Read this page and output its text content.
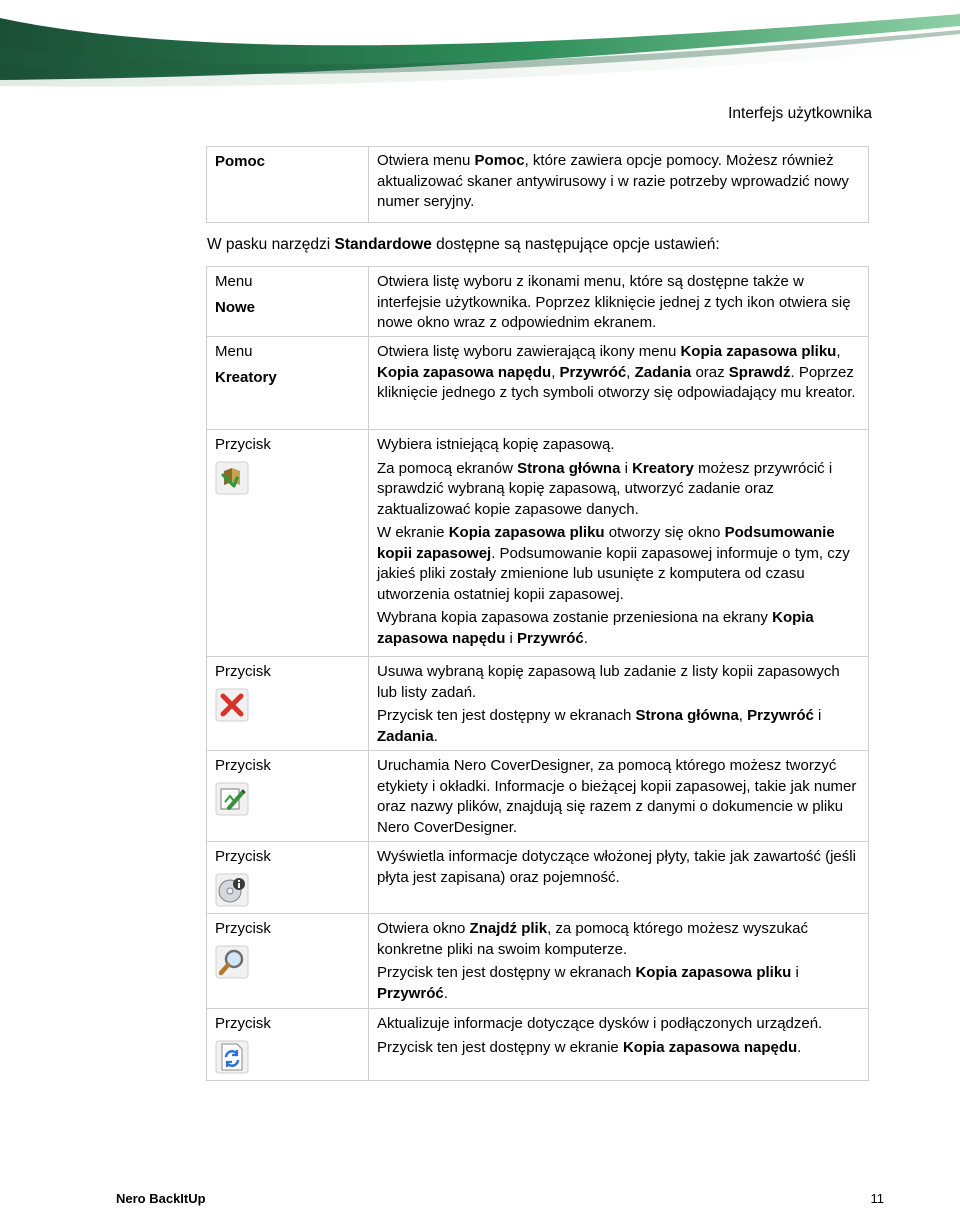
Interfejs użytkownika
Pomoc	Otwiera menu Pomoc, które zawiera opcje pomocy. Możesz również aktualizować skaner antywirusowy i w razie potrzeby wprowadzić nowy numer seryjny.

W pasku narzędzi Standardowe dostępne są następujące opcje ustawień:
Menu
Nowe	Otwiera listę wyboru z ikonami menu, które są dostępne także w interfejsie użytkownika. Poprzez kliknięcie jednej z tych ikon otwiera się nowe okno wraz z odpowiednim ekranem.

Menu
Kreatory	Otwiera listę wyboru zawierającą ikony menu Kopia zapasowa pliku, Kopia zapasowa napędu, Przywróć, Zadania oraz Sprawdź. Poprzez kliknięcie jednego z tych symboli otworzy się odpowiadający mu kreator.

Przycisk	Wybiera istniejącą kopię zapasową.

Za pomocą ekranów Strona główna i Kreatory możesz przywrócić i sprawdzić wybraną kopię zapasową, utworzyć zadanie oraz zaktualizować kopie zapasowe danych.

W ekranie Kopia zapasowa pliku otworzy się okno Podsumowanie kopii zapasowej. Podsumowanie kopii zapasowej informuje o tym, czy jakieś pliki zostały zmienione lub usunięte z komputera od czasu utworzenia ostatniej kopii zapasowej.

Wybrana kopia zapasowa zostanie przeniesiona na ekrany Kopia zapasowa napędu i Przywróć.

Przycisk	Usuwa wybraną kopię zapasową lub zadanie z listy kopii zapasowych lub listy zadań.

Przycisk ten jest dostępny w ekranach Strona główna, Przywróć i Zadania.

Przycisk	Uruchamia Nero CoverDesigner, za pomocą którego możesz tworzyć etykiety i okładki. Informacje o bieżącej kopii zapasowej, takie jak numer oraz nazwy plików, znajdują się razem z danymi o dokumencie w pliku Nero CoverDesigner.

Przycisk	Wyświetla informacje dotyczące włożonej płyty, takie jak zawartość (jeśli płyta jest zapisana) oraz pojemność.

Przycisk	Otwiera okno Znajdź plik, za pomocą którego możesz wyszukać konkretne pliki na swoim komputerze.

Przycisk ten jest dostępny w ekranach Kopia zapasowa pliku i Przywróć.

Przycisk	Aktualizuje informacje dotyczące dysków i podłączonych urządzeń.

Przycisk ten jest dostępny w ekranie Kopia zapasowa napędu.

Nero BackItUp	11
